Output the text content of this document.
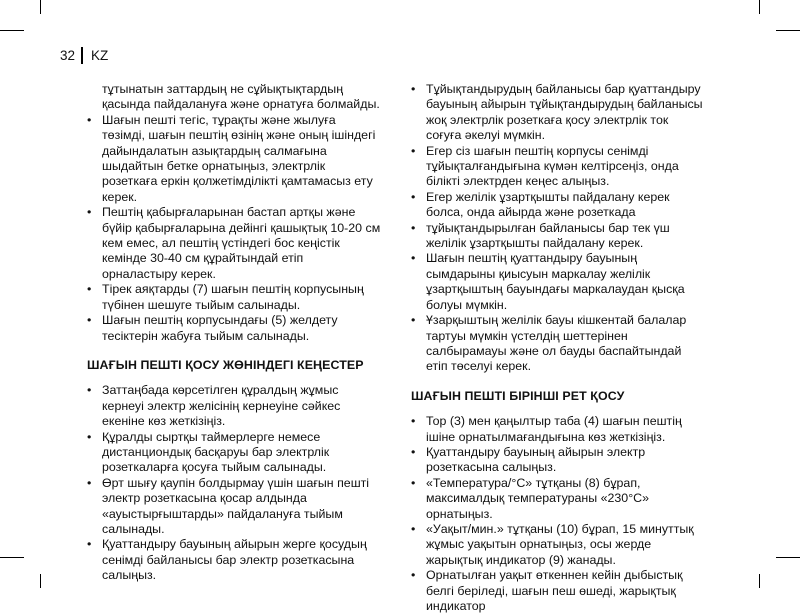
32 KZ

тұтынатын заттардың не сұйықтықтардың қасында пайдалануға және орнатуға болмайды.

• Шағын пешті тегіс, тұрақты және жылуға төзімді, шағын пештің өзінің және оның ішіндегі дайындалатын азықтардың салмағына шыдайтын бетке орнатыңыз, электрлік розеткаға еркін қолжетімділікті қамтамасыз ету керек.

• Пештің қабырғаларынан бастап артқы және бүйір қабырғаларына дейінгі қашықтық 10-20 см кем емес, ал пештің үстіндегі бос кеңістік кемінде 30-40 см құрайтындай етіп орналастыру керек.

• Тірек аяқтарды (7) шағын пештің корпусының түбінен шешуге тыйым салынады.

• Шағын пештің корпусындағы (5) желдету тесіктерін жабуға тыйым салынады.

ШАҒЫН ПЕШТІ ҚОСУ ЖӨНІНДЕГІ КЕҢЕСТЕР

• Заттаңбада көрсетілген құралдың жұмыс кернеуі электр желісінің кернеуіне сәйкес екеніне көз жеткізіңіз.

• Құралды сыртқы таймерлерге немесе дистанциондық басқаруы бар электрлік розеткаларға қосуға тыйым салынады.

• Өрт шығу қаупін болдырмау үшін шағын пешті электр розеткасына қосар алдында «ауыстырғыштарды» пайдалануға тыйым салынады.

• Қуаттандыру бауының айырын жерге қосудың сенімді байланысы бар электр розеткасына салыңыз.

• Тұйықтандырудың байланысы бар қуаттандыру бауының айырын тұйықтандырудың байланысы жоқ электрлік розеткаға қосу электрлік ток соғуға әкелуі мүмкін.

• Егер сіз шағын пештің корпусы сенімді тұйықталғандығына күмән келтірсеңіз, онда білікті электрден кеңес алыңыз.

• Егер желілік ұзартқышты пайдалану керек болса, онда айырда және розеткада

• тұйықтандырылған байланысы бар тек үш желілік ұзартқышты пайдалану керек.

• Шағын пештің қуаттандыру бауының сымдарыны қиысуын маркалау желілік ұзартқыштың бауындағы маркалаудан қысқа болуы мүмкін.

• Ұзарқыштың желілік бауы кішкентай балалар тартуы мүмкін үстелдің шеттерінен салбырамауы және ол бауды баспайтындай етіп төселуі керек.

ШАҒЫН ПЕШТІ БІРІНШІ РЕТ ҚОСУ

• Тор (3) мен қаңылтыр таба (4) шағын пештің ішіне орнатылмағандығына көз жеткізіңіз.

• Қуаттандыру бауының айырын электр розеткасына салыңыз.

• «Температура/°С» тұтқаны (8) бұрап, максималдық температураны «230°С» орнатыңыз.

• «Уақыт/мин.» тұтқаны (10) бұрап, 15 минуттық жұмыс уақытын орнатыңыз, осы жерде жарықтық индикатор (9) жанады.

• Орнатылған уақыт өткеннен кейін дыбыстық белгі беріледі, шағын пеш өшеді, жарықтық индикатор
